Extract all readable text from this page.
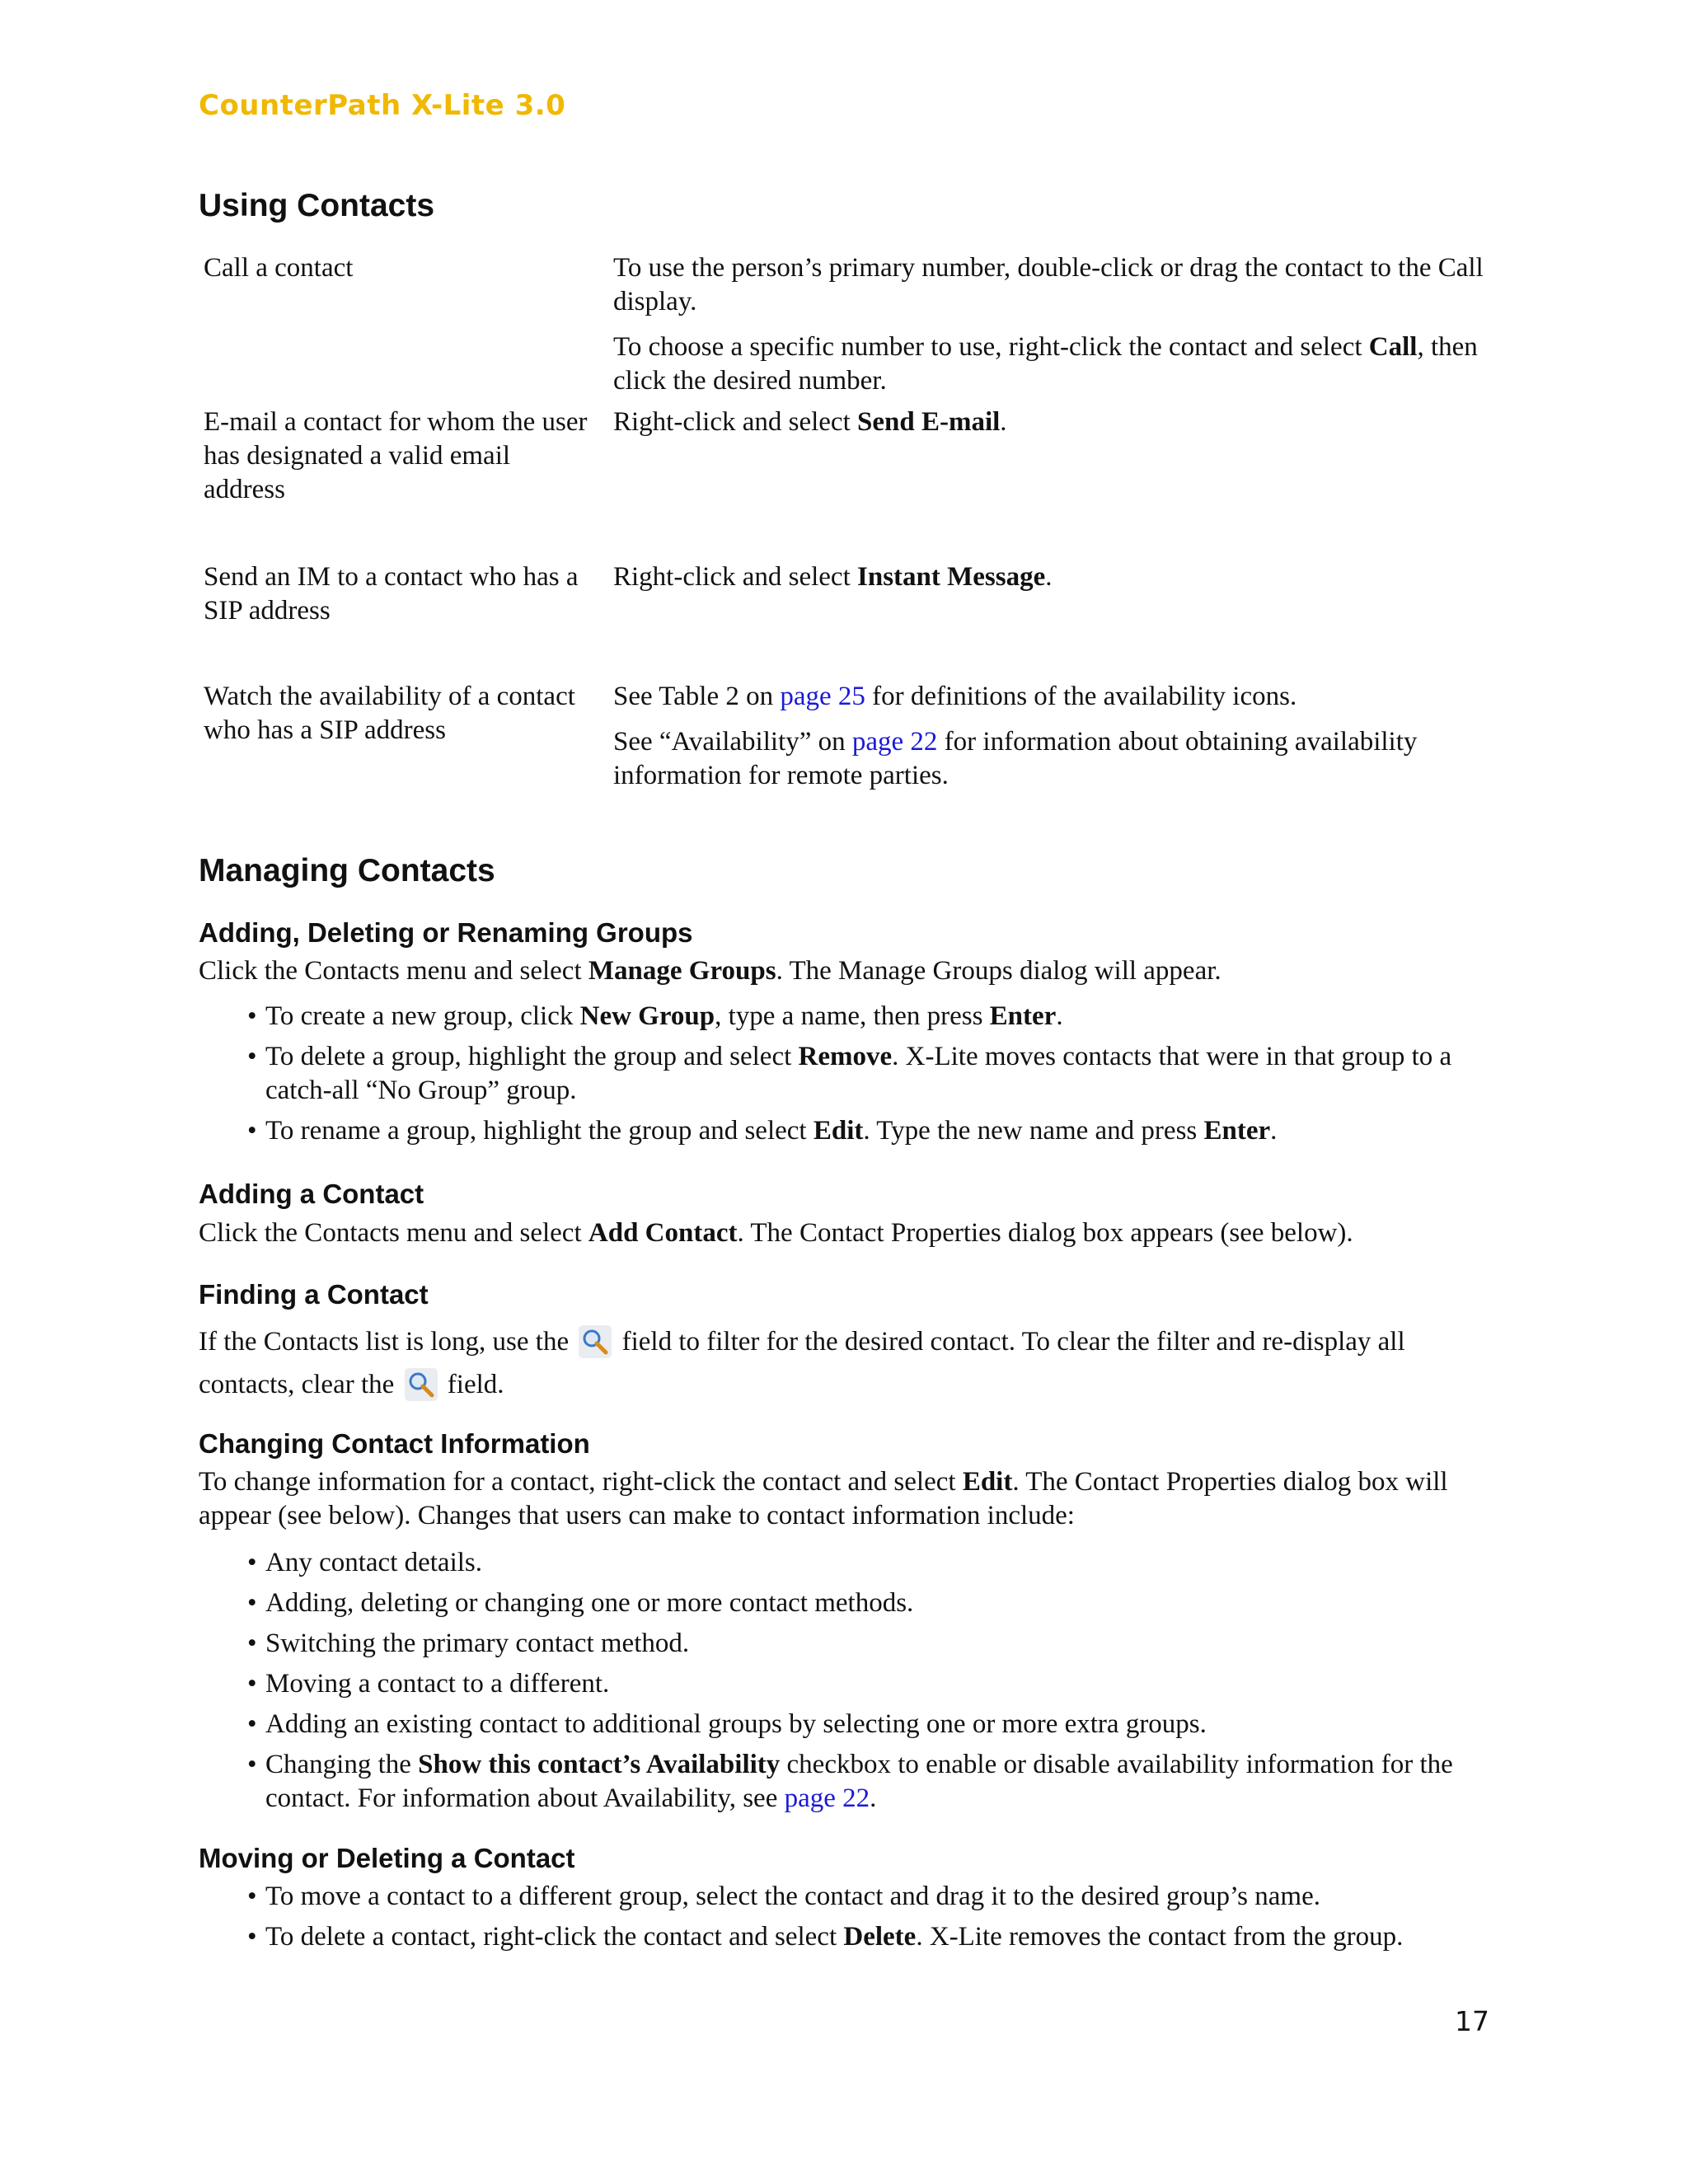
CounterPath X-Lite 3.0
Using Contacts
Call a contact	To use the person’s primary number, double-click or drag the contact to the Call display.

To choose a specific number to use, right-click the contact and select Call, then click the desired number.

E-mail a contact for whom the user has designated a valid email address
Right-click and select Send E-mail.
Send an IM to a contact who has a SIP address
Right-click and select Instant Message.
Watch the availability of a contact who has a SIP address

See Table 2 on page 25 for definitions of the availability icons.

See “Availability” on page 22 for information about obtaining availability information for remote parties.

Managing Contacts
Adding, Deleting or Renaming Groups
Click the Contacts menu and select Manage Groups. The Manage Groups dialog will appear.
• To create a new group, click New Group, type a name, then press Enter.
• To delete a group, highlight the group and select Remove. X-Lite moves contacts that were in that group to a catch-all “No Group” group.
• To rename a group, highlight the group and select Edit. Type the new name and press Enter.
Adding a Contact
Click the Contacts menu and select Add Contact. The Contact Properties dialog box appears (see below).
Finding a Contact
If the Contacts list is long, use the field to filter for the desired contact. To clear the filter and re-display all
contacts, clear the field.
Changing Contact Information
To change information for a contact, right-click the contact and select Edit. The Contact Properties dialog box will appear (see below). Changes that users can make to contact information include:
• Any contact details.
• Adding, deleting or changing one or more contact methods.
• Switching the primary contact method.
• Moving a contact to a different.
• Adding an existing contact to additional groups by selecting one or more extra groups.
• Changing the Show this contact’s Availability checkbox to enable or disable availability information for the contact. For information about Availability, see page 22.
Moving or Deleting a Contact
• To move a contact to a different group, select the contact and drag it to the desired group’s name.
• To delete a contact, right-click the contact and select Delete. X-Lite removes the contact from the group.
17
